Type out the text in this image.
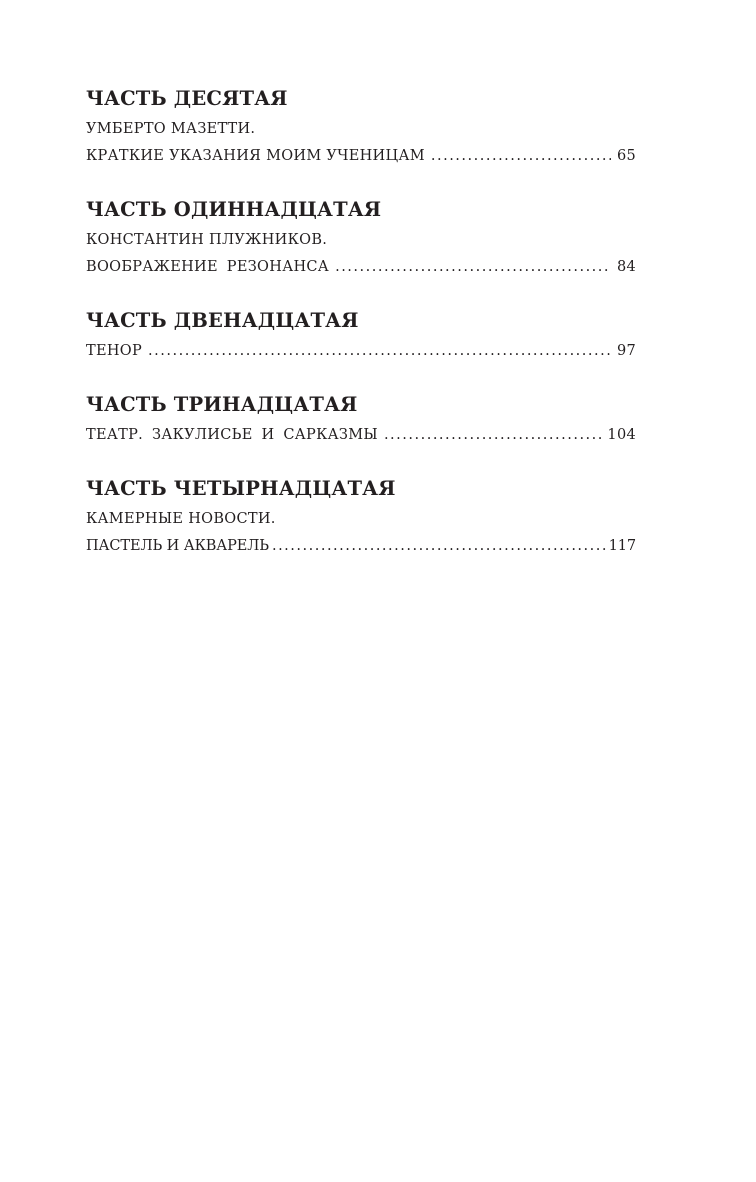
ЧАСТЬ ДЕСЯТАЯ
УМБЕРТО МАЗЕТТИ.
КРАТКИЕ УКАЗАНИЯ МОИМ УЧЕНИЦАМ .....	65
ЧАСТЬ ОДИННАДЦАТАЯ
КОНСТАНТИН ПЛУЖНИКОВ.
ВООБРАЖЕНИЕ РЕЗОНАНСА .....	84
ЧАСТЬ ДВЕНАДЦАТАЯ
ТЕНОР .....	97
ЧАСТЬ ТРИНАДЦАТАЯ
ТЕАТР. ЗАКУЛИСЬЕ И САРКАЗМЫ .....	104
ЧАСТЬ ЧЕТЫРНАДЦАТАЯ
КАМЕРНЫЕ НОВОСТИ.
ПАСТЕЛЬ И АКВАРЕЛЬ .....	117
